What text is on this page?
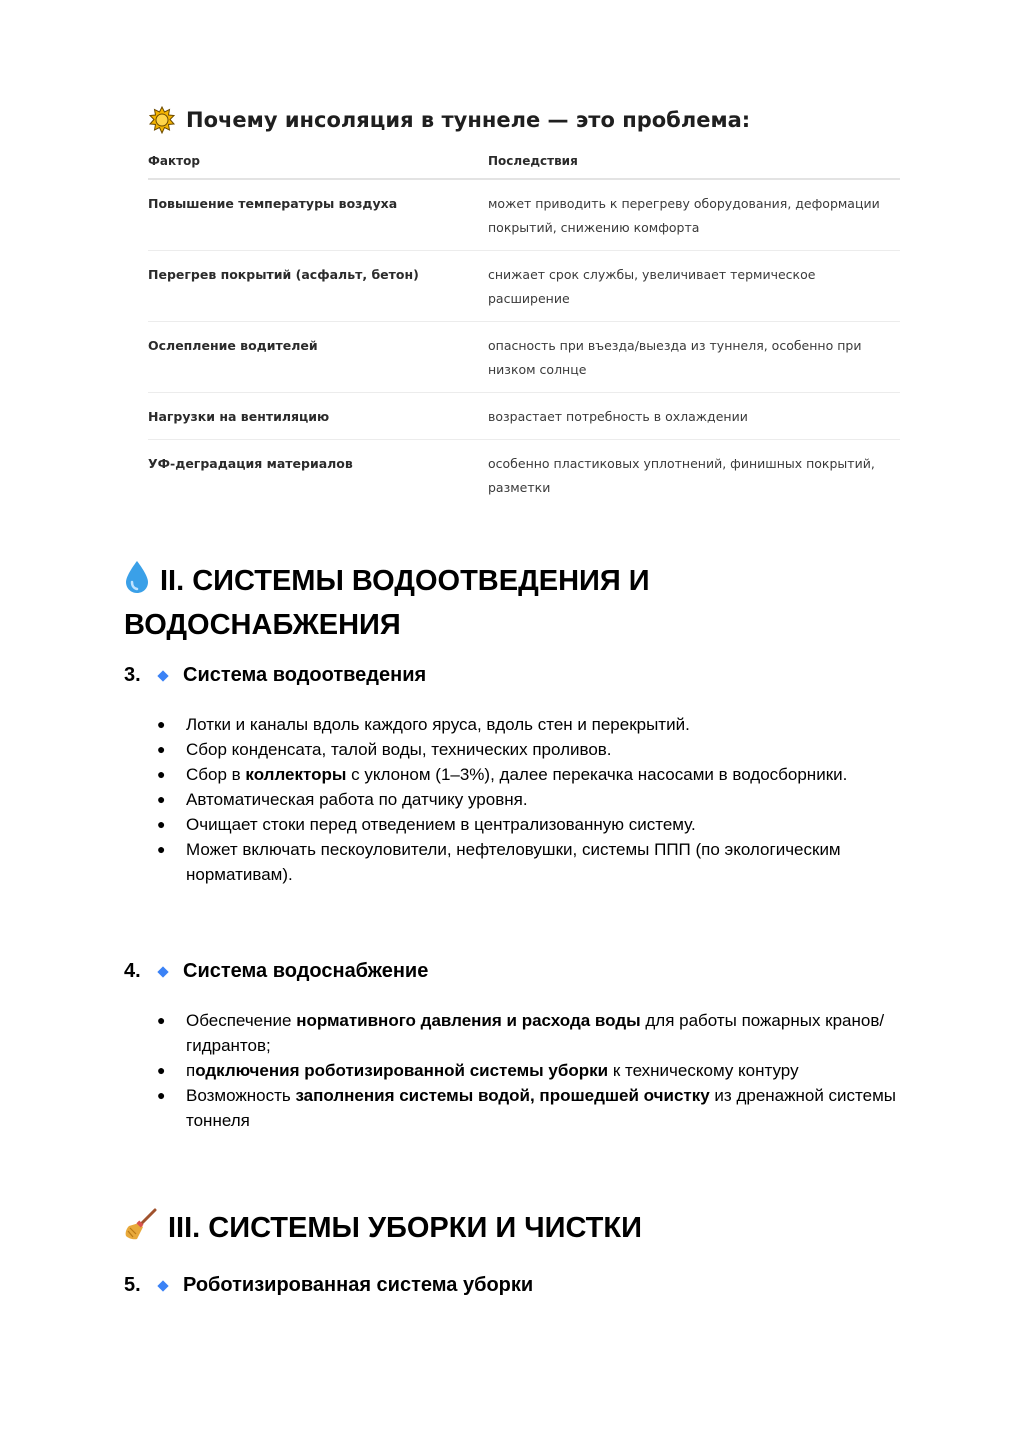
Почему инсоляция в туннеле — это проблема:
Фактор	Последствия
Повышение температуры воздуха	может приводить к перегреву оборудования, деформации покрытий, снижению комфорта
Перегрев покрытий (асфальт, бетон)	снижает срок службы, увеличивает термическое расширение
Ослепление водителей	опасность при въезда/выезда из туннеля, особенно при низком солнце
Нагрузки на вентиляцию	возрастает потребность в охлаждении
УФ-деградация материалов	особенно пластиковых уплотнений, финишных покрытий, разметки
II. СИСТЕМЫ ВОДООТВЕДЕНИЯ И
ВОДОСНАБЖЕНИЯ
3.	Система водоотведения
● Лотки и каналы вдоль каждого яруса, вдоль стен и перекрытий.
● Сбор конденсата, талой воды, технических проливов.
● Сбор в коллекторы с уклоном (1–3%), далее перекачка насосами в водосборники.
● Автоматическая работа по датчику уровня.
● Очищает стоки перед отведением в централизованную систему.
● Может включать пескоуловители, нефтеловушки, системы ППП (по экологическим нормативам).
4.	Система водоснабжение
● Обеспечение нормативного давления и расхода воды для работы пожарных кранов/гидрантов;
● подключения роботизированной системы уборки к техническому контуру
● Возможность заполнения системы водой, прошедшей очистку из дренажной системы тоннеля
III. СИСТЕМЫ УБОРКИ И ЧИСТКИ
5.	Роботизированная система уборки
